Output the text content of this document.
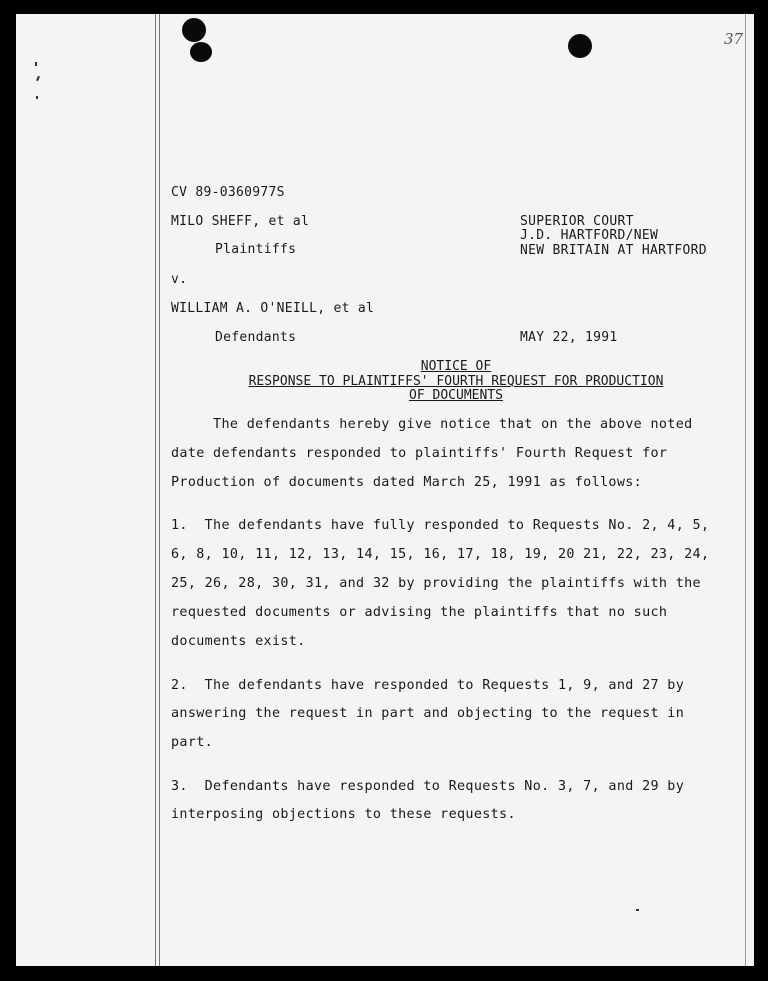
37
CV 89-0360977S
MILO SHEFF, et al
Plaintiffs
v.
WILLIAM A. O'NEILL, et al
Defendants
SUPERIOR COURT
J.D. HARTFORD/NEW
NEW BRITAIN AT HARTFORD
MAY 22, 1991
NOTICE OF
RESPONSE TO PLAINTIFFS' FOURTH REQUEST FOR PRODUCTION
OF DOCUMENTS
The defendants hereby give notice that on the above noted
date defendants responded to plaintiffs' Fourth Request for
Production of documents dated March 25, 1991 as follows:
1.  The defendants have fully responded to Requests No. 2, 4, 5,
6, 8, 10, 11, 12, 13, 14, 15, 16, 17, 18, 19, 20 21, 22, 23, 24,
25, 26, 28, 30, 31, and 32 by providing the plaintiffs with the
requested documents or advising the plaintiffs that no such
documents exist.
2.  The defendants have responded to Requests 1, 9, and 27 by
answering the request in part and objecting to the request in
part.
3.  Defendants have responded to Requests No. 3, 7, and 29 by
interposing objections to these requests.
